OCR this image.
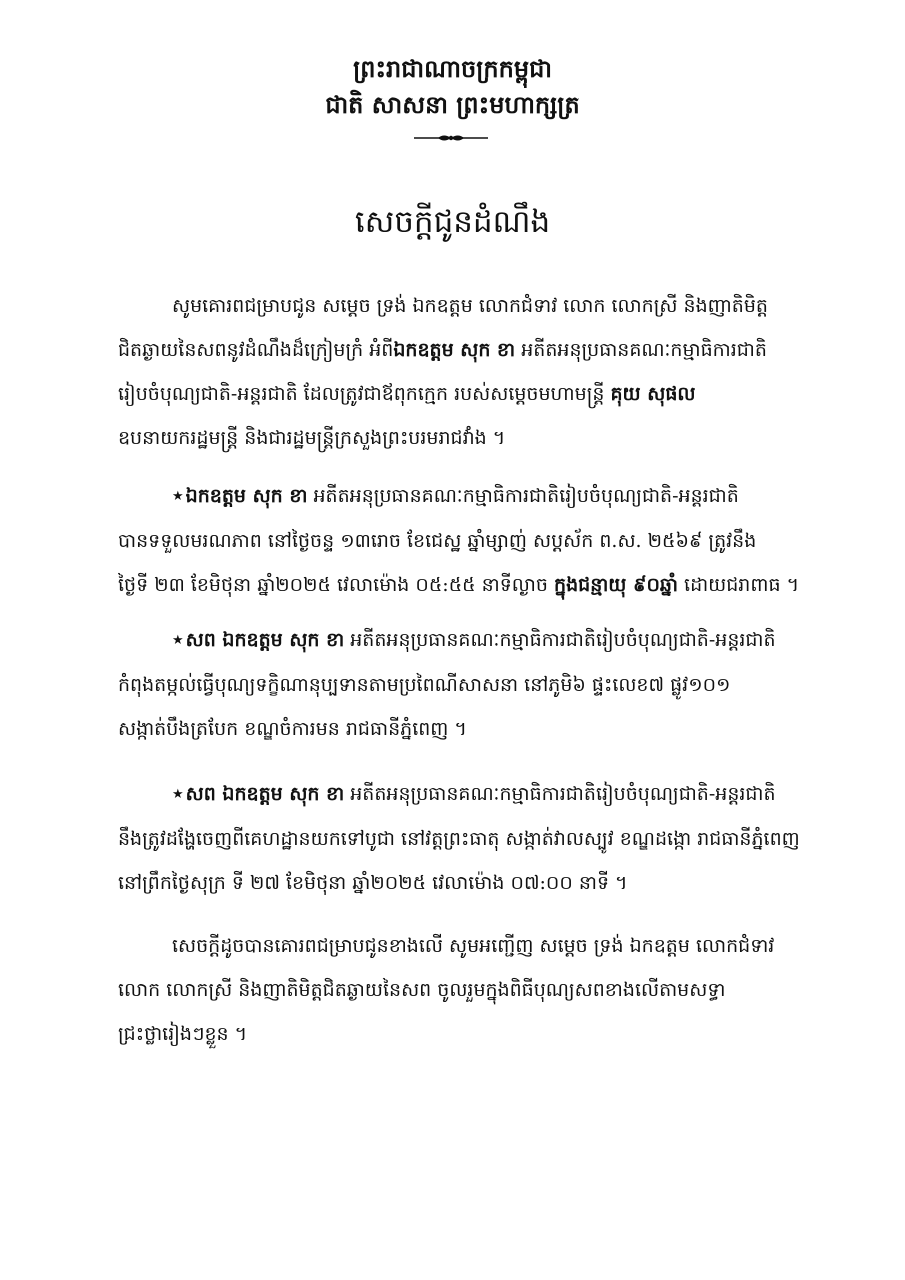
ព្រះរាជាណាចក្រកម្ពុជា
ជាតិ សាសនា ព្រះមហាក្សត្រ
សេចក្តីជូនដំណឹង
សូមគោរពជម្រាបជូន សម្តេច ទ្រង់ ឯកឧត្តម លោកជំទាវ លោក លោកស្រី និងញាតិមិត្ត
ជិតឆ្ងាយនៃសពនូវដំណឹងដ៏ក្រៀមក្រំ អំពីឯកឧត្តម សុក ខា អតីតអនុប្រធានគណៈកម្មាធិការជាតិ
រៀបចំបុណ្យជាតិ-អន្តរជាតិ ដែលត្រូវជាឪពុកក្មេក របស់សម្តេចមហាមន្ត្រី គុយ សុផល
ឧបនាយករដ្ឋមន្ត្រី និងជារដ្ឋមន្ត្រីក្រសួងព្រះបរមរាជវាំង ។
★ ឯកឧត្តម សុក ខា អតីតអនុប្រធានគណៈកម្មាធិការជាតិរៀបចំបុណ្យជាតិ-អន្តរជាតិ
បានទទួលមរណភាព នៅថ្ងៃចន្ទ ១៣រោច ខែជេស្ឋ ឆ្នាំម្សាញ់ សប្តស័ក ព.ស. ២៥៦៩ ត្រូវនឹង
ថ្ងៃទី ២៣ ខែមិថុនា ឆ្នាំ២០២៥ វេលាម៉ោង ០៥:៥៥ នាទីល្ងាច ក្នុងជន្មាយុ ៩០ឆ្នាំ ដោយជរាពាធ ។
★ សព ឯកឧត្តម សុក ខា អតីតអនុប្រធានគណៈកម្មាធិការជាតិរៀបចំបុណ្យជាតិ-អន្តរជាតិ
កំពុងតម្កល់ធ្វើបុណ្យទក្ខិណានុប្បទានតាមប្រពៃណីសាសនា នៅភូមិ៦ ផ្ទះលេខ៧ ផ្លូវ១០១
សង្កាត់បឹងត្របែក ខណ្ឌចំការមន រាជធានីភ្នំពេញ ។
★ សព ឯកឧត្តម សុក ខា អតីតអនុប្រធានគណៈកម្មាធិការជាតិរៀបចំបុណ្យជាតិ-អន្តរជាតិ
នឹងត្រូវដង្ហែចេញពីគេហដ្ឋានយកទៅបូជា នៅវត្តព្រះធាតុ សង្កាត់វាលស្បូវ ខណ្ឌដង្កោ រាជធានីភ្នំពេញ
នៅព្រឹកថ្ងៃសុក្រ ទី ២៧ ខែមិថុនា ឆ្នាំ២០២៥ វេលាម៉ោង ០៧:០០ នាទី ។
សេចក្តីដូចបានគោរពជម្រាបជូនខាងលើ សូមអញ្ជើញ សម្តេច ទ្រង់ ឯកឧត្តម លោកជំទាវ
លោក លោកស្រី និងញាតិមិត្តជិតឆ្ងាយនៃសព ចូលរួមក្នុងពិធីបុណ្យសពខាងលើតាមសទ្ធា
ជ្រះថ្លារៀងៗខ្លួន ។
